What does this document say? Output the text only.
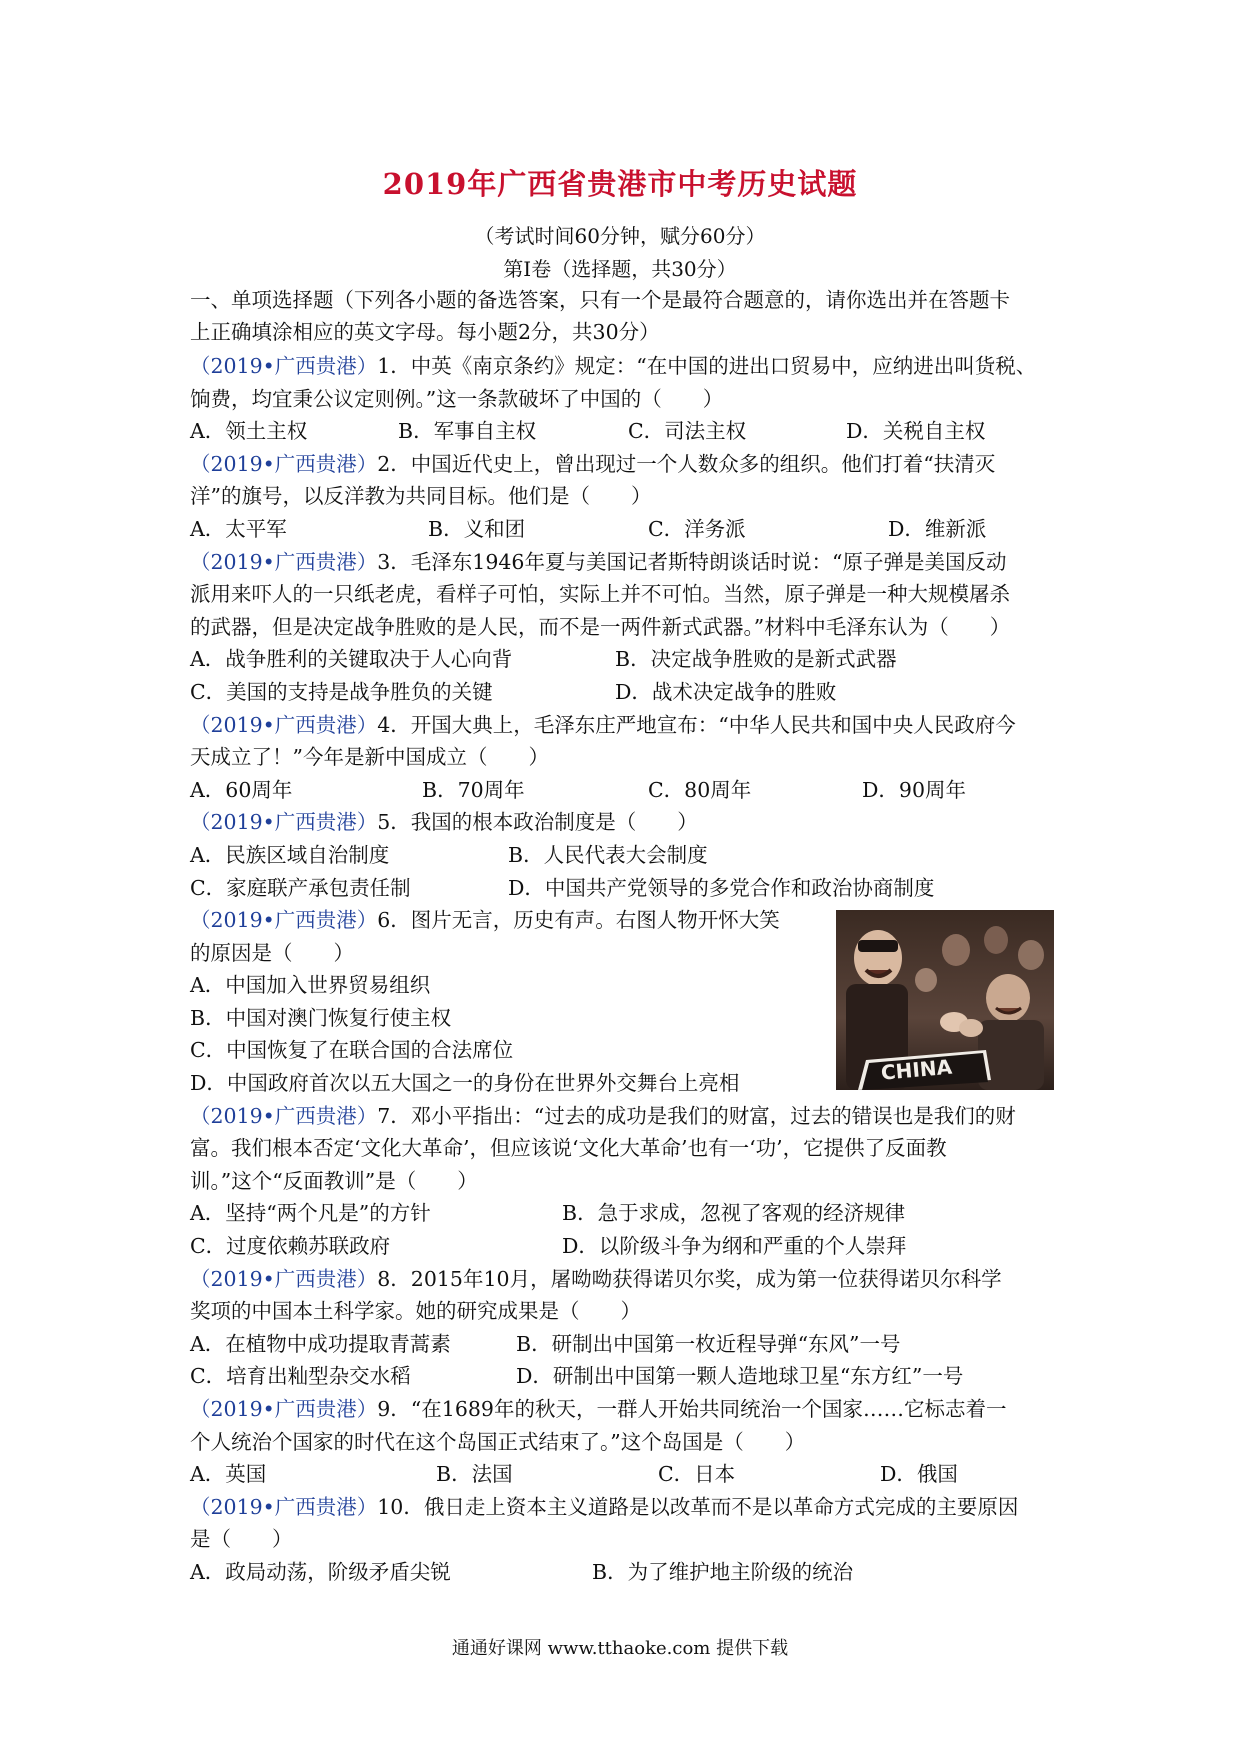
2019年广西省贵港市中考历史试题
（考试时间60分钟，赋分60分）
第Ⅰ卷（选择题，共30分）
一、单项选择题（下列各小题的备选答案，只有一个是最符合题意的，请你选出并在答题卡
上正确填涂相应的英文字母。每小题2分，共30分）
（2019•广西贵港）1．中英《南京条约》规定：“在中国的进出口贸易中，应纳进出叫货税、
饷费，均宜秉公议定则例。”这一条款破坏了中国的（　　）
A．领土主权	B．军事自主权	C．司法主权	D．关税自主权
（2019•广西贵港）2．中国近代史上，曾出现过一个人数众多的组织。他们打着“扶清灭
洋”的旗号，以反洋教为共同目标。他们是（　　）
A．太平军	B．义和团	C．洋务派	D．维新派
（2019•广西贵港）3．毛泽东1946年夏与美国记者斯特朗谈话时说：“原子弹是美国反动
派用来吓人的一只纸老虎，看样子可怕，实际上并不可怕。当然，原子弹是一种大规模屠杀
的武器，但是决定战争胜败的是人民，而不是一两件新式武器。”材料中毛泽东认为（　　）
A．战争胜利的关键取决于人心向背	B．决定战争胜败的是新式武器
C．美国的支持是战争胜负的关键	D．战术决定战争的胜败
（2019•广西贵港）4．开国大典上，毛泽东庄严地宣布：“中华人民共和国中央人民政府今
天成立了！”今年是新中国成立（　　）
A．60周年	B．70周年	C．80周年	D．90周年
（2019•广西贵港）5．我国的根本政治制度是（　　）
A．民族区域自治制度	B．人民代表大会制度
C．家庭联产承包责任制	D．中国共产党领导的多党合作和政治协商制度
（2019•广西贵港）6．图片无言，历史有声。右图人物开怀大笑
的原因是（　　）
A．中国加入世界贸易组织
B．中国对澳门恢复行使主权
C．中国恢复了在联合国的合法席位
D．中国政府首次以五大国之一的身份在世界外交舞台上亮相
（2019•广西贵港）7．邓小平指出：“过去的成功是我们的财富，过去的错误也是我们的财
富。我们根本否定‘文化大革命’，但应该说‘文化大革命’也有一‘功’，它提供了反面教
训。”这个“反面教训”是（　　）
A．坚持“两个凡是”的方针	B．急于求成，忽视了客观的经济规律
C．过度依赖苏联政府	D．以阶级斗争为纲和严重的个人崇拜
（2019•广西贵港）8．2015年10月，屠呦呦获得诺贝尔奖，成为第一位获得诺贝尔科学
奖项的中国本土科学家。她的研究成果是（　　）
A．在植物中成功提取青蒿素	B．研制出中国第一枚近程导弹“东风”一号
C．培育出籼型杂交水稻	D．研制出中国第一颗人造地球卫星“东方红”一号
（2019•广西贵港）9．“在1689年的秋天，一群人开始共同统治一个国家……它标志着一
个人统治个国家的时代在这个岛国正式结束了。”这个岛国是（　　）
A．英国	B．法国	C．日本	D．俄国
（2019•广西贵港）10．俄日走上资本主义道路是以改革而不是以革命方式完成的主要原因
是（　　）
A．政局动荡，阶级矛盾尖锐	B．为了维护地主阶级的统治
CHINA
通通好课网 www.tthaoke.com 提供下载
